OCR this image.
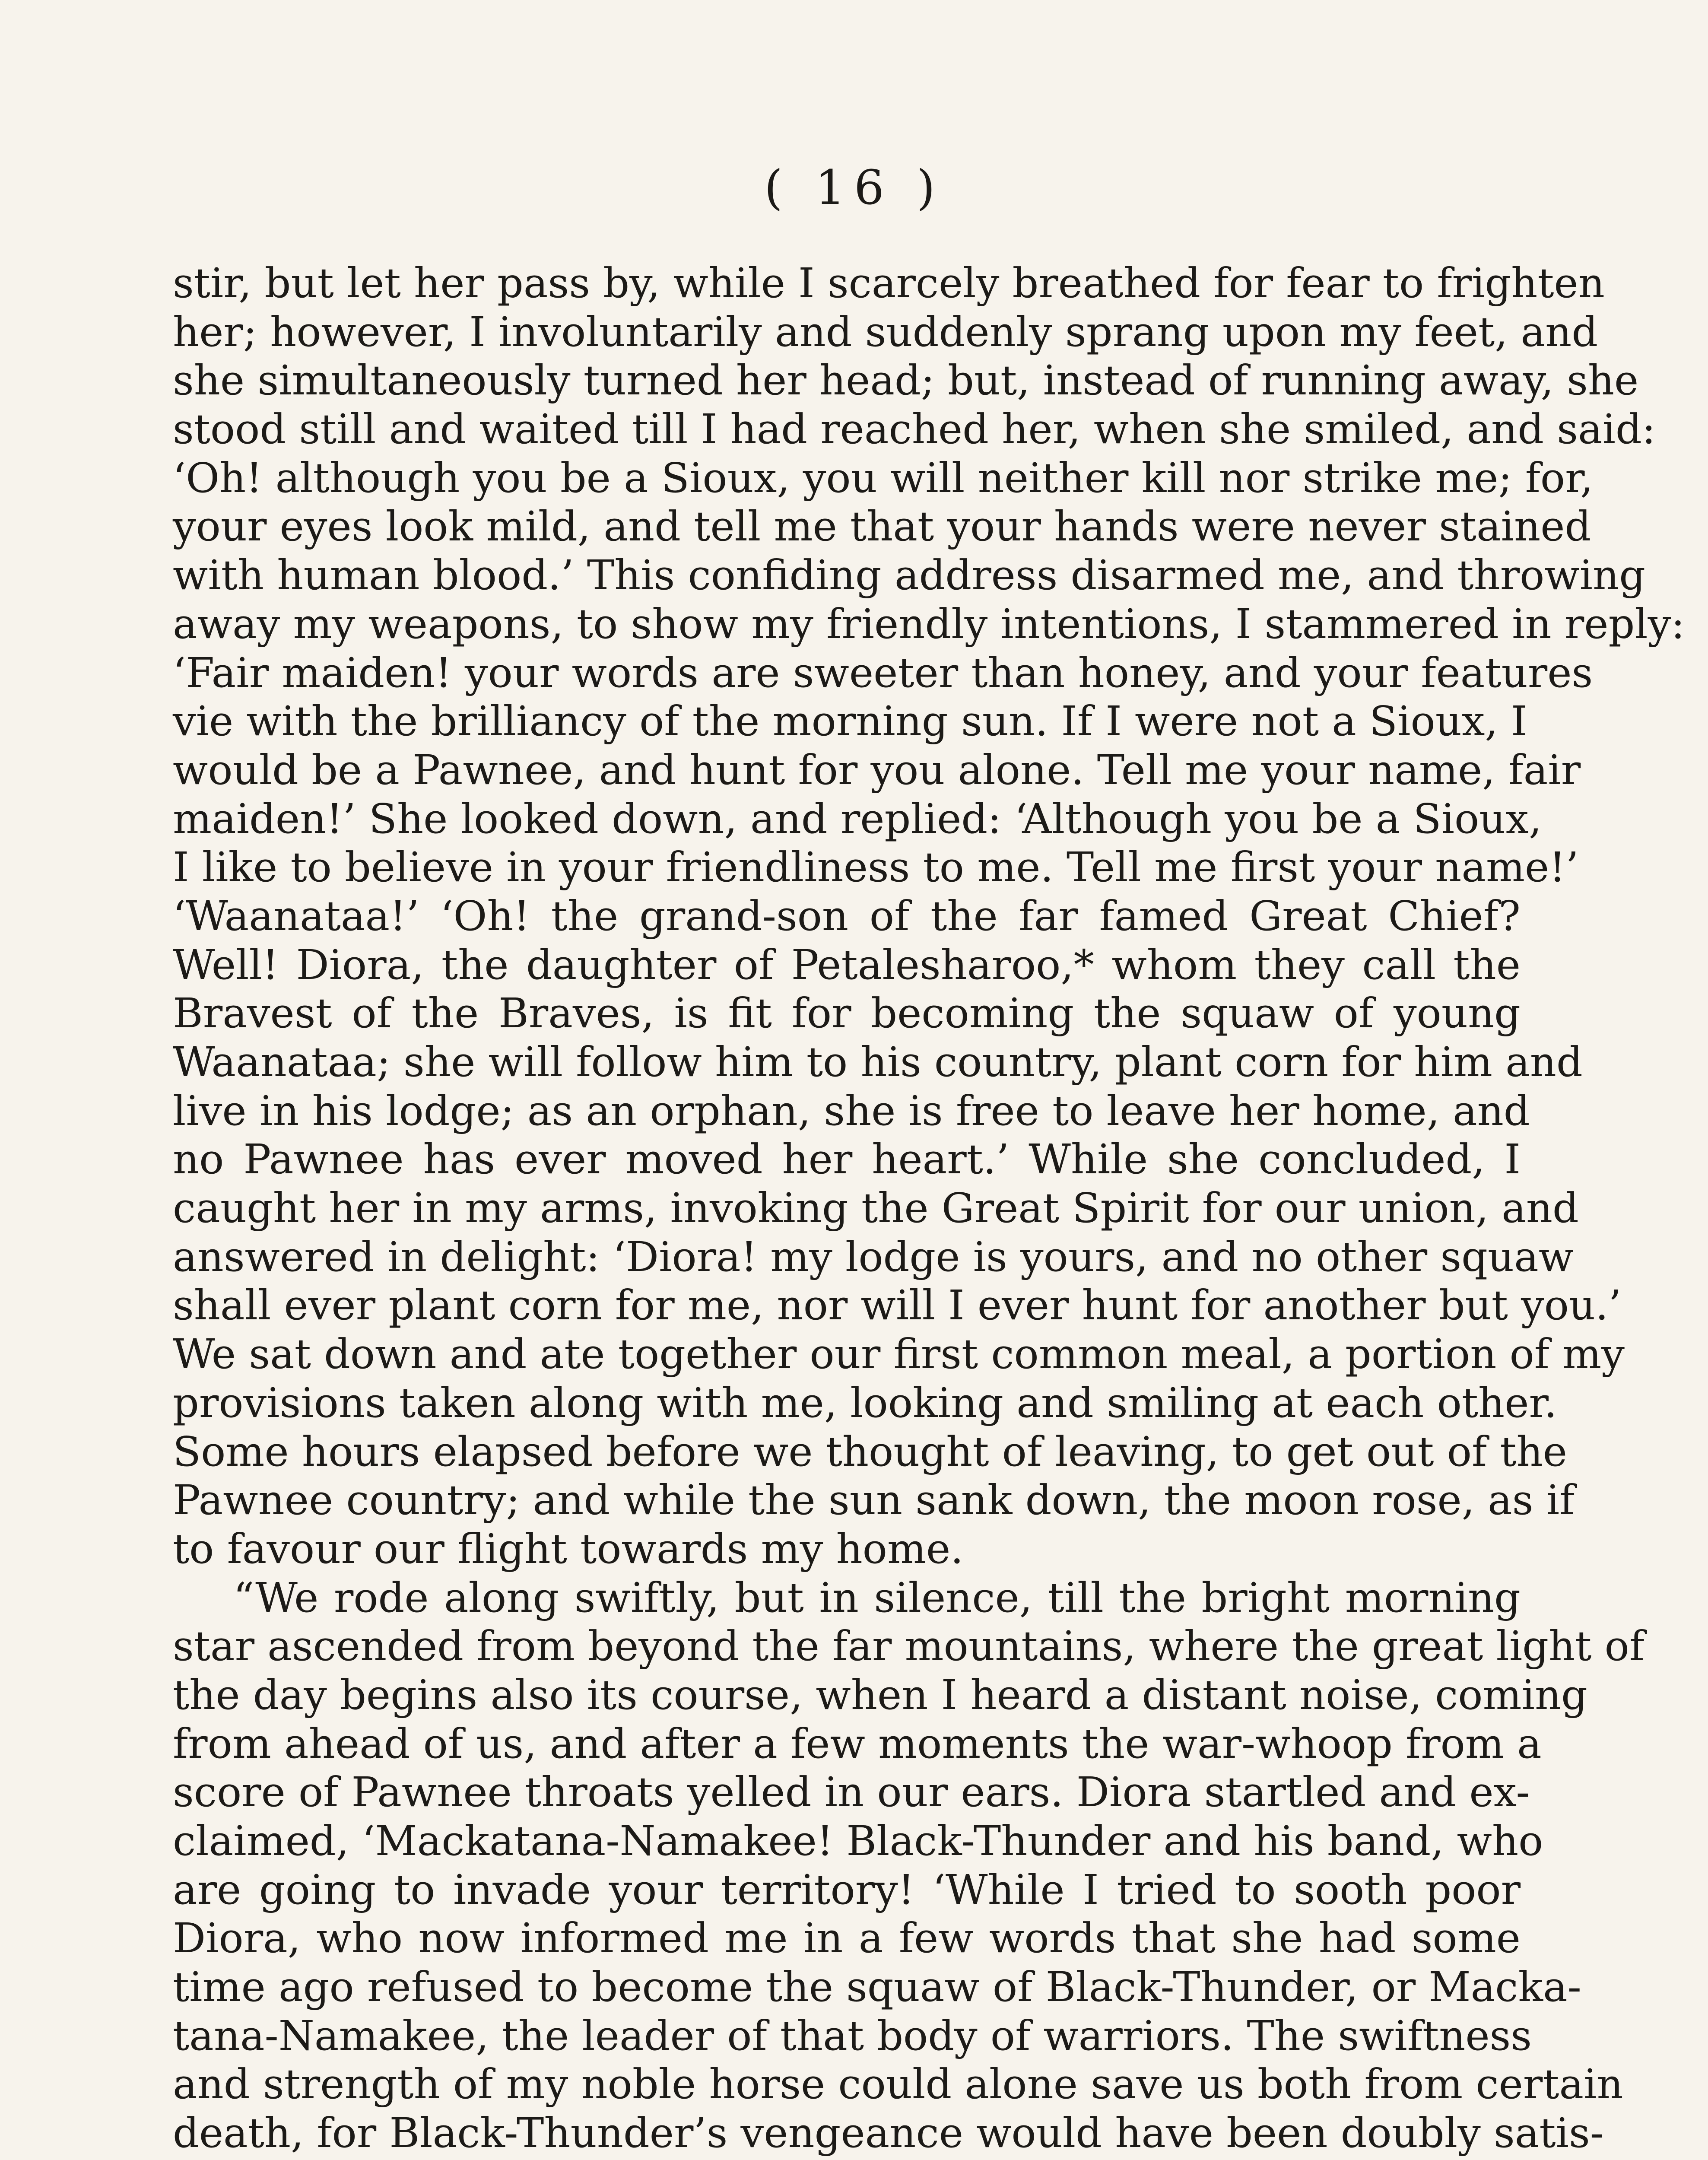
( 16 )
stir, but let her pass by, while I scarcely breathed for fear to frighten
her; however, I involuntarily and suddenly sprang upon my feet, and
she simultaneously turned her head; but, instead of running away, she
stood still and waited till I had reached her, when she smiled, and said:
‘Oh! although you be a Sioux, you will neither kill nor strike me; for,
your eyes look mild, and tell me that your hands were never stained
with human blood.’ This confiding address disarmed me, and throwing
away my weapons, to show my friendly intentions, I stammered in reply:
‘Fair maiden! your words are sweeter than honey, and your features
vie with the brilliancy of the morning sun. If I were not a Sioux, I
would be a Pawnee, and hunt for you alone. Tell me your name, fair
maiden!’ She looked down, and replied: ‘Although you be a Sioux,
I like to believe in your friendliness to me. Tell me first your name!’
‘Waanataa!’ ‘Oh! the grand-son of the far famed Great Chief?
Well! Diora, the daughter of Petalesharoo,* whom they call the
Bravest of the Braves, is fit for becoming the squaw of young
Waanataa; she will follow him to his country, plant corn for him and
live in his lodge; as an orphan, she is free to leave her home, and
no Pawnee has ever moved her heart.’ While she concluded, I
caught her in my arms, invoking the Great Spirit for our union, and
answered in delight: ‘Diora! my lodge is yours, and no other squaw
shall ever plant corn for me, nor will I ever hunt for another but you.’
We sat down and ate together our first common meal, a portion of my
provisions taken along with me, looking and smiling at each other.
Some hours elapsed before we thought of leaving, to get out of the
Pawnee country; and while the sun sank down, the moon rose, as if
to favour our flight towards my home.
“We rode along swiftly, but in silence, till the bright morning
star ascended from beyond the far mountains, where the great light of
the day begins also its course, when I heard a distant noise, coming
from ahead of us, and after a few moments the war-whoop from a
score of Pawnee throats yelled in our ears. Diora startled and ex-
claimed, ‘Mackatana-Namakee! Black-Thunder and his band, who
are going to invade your territory! ‘While I tried to sooth poor
Diora, who now informed me in a few words that she had some
time ago refused to become the squaw of Black-Thunder, or Macka-
tana-Namakee, the leader of that body of warriors. The swiftness
and strength of my noble horse could alone save us both from certain
death, for Black-Thunder’s vengeance would have been doubly satis-
